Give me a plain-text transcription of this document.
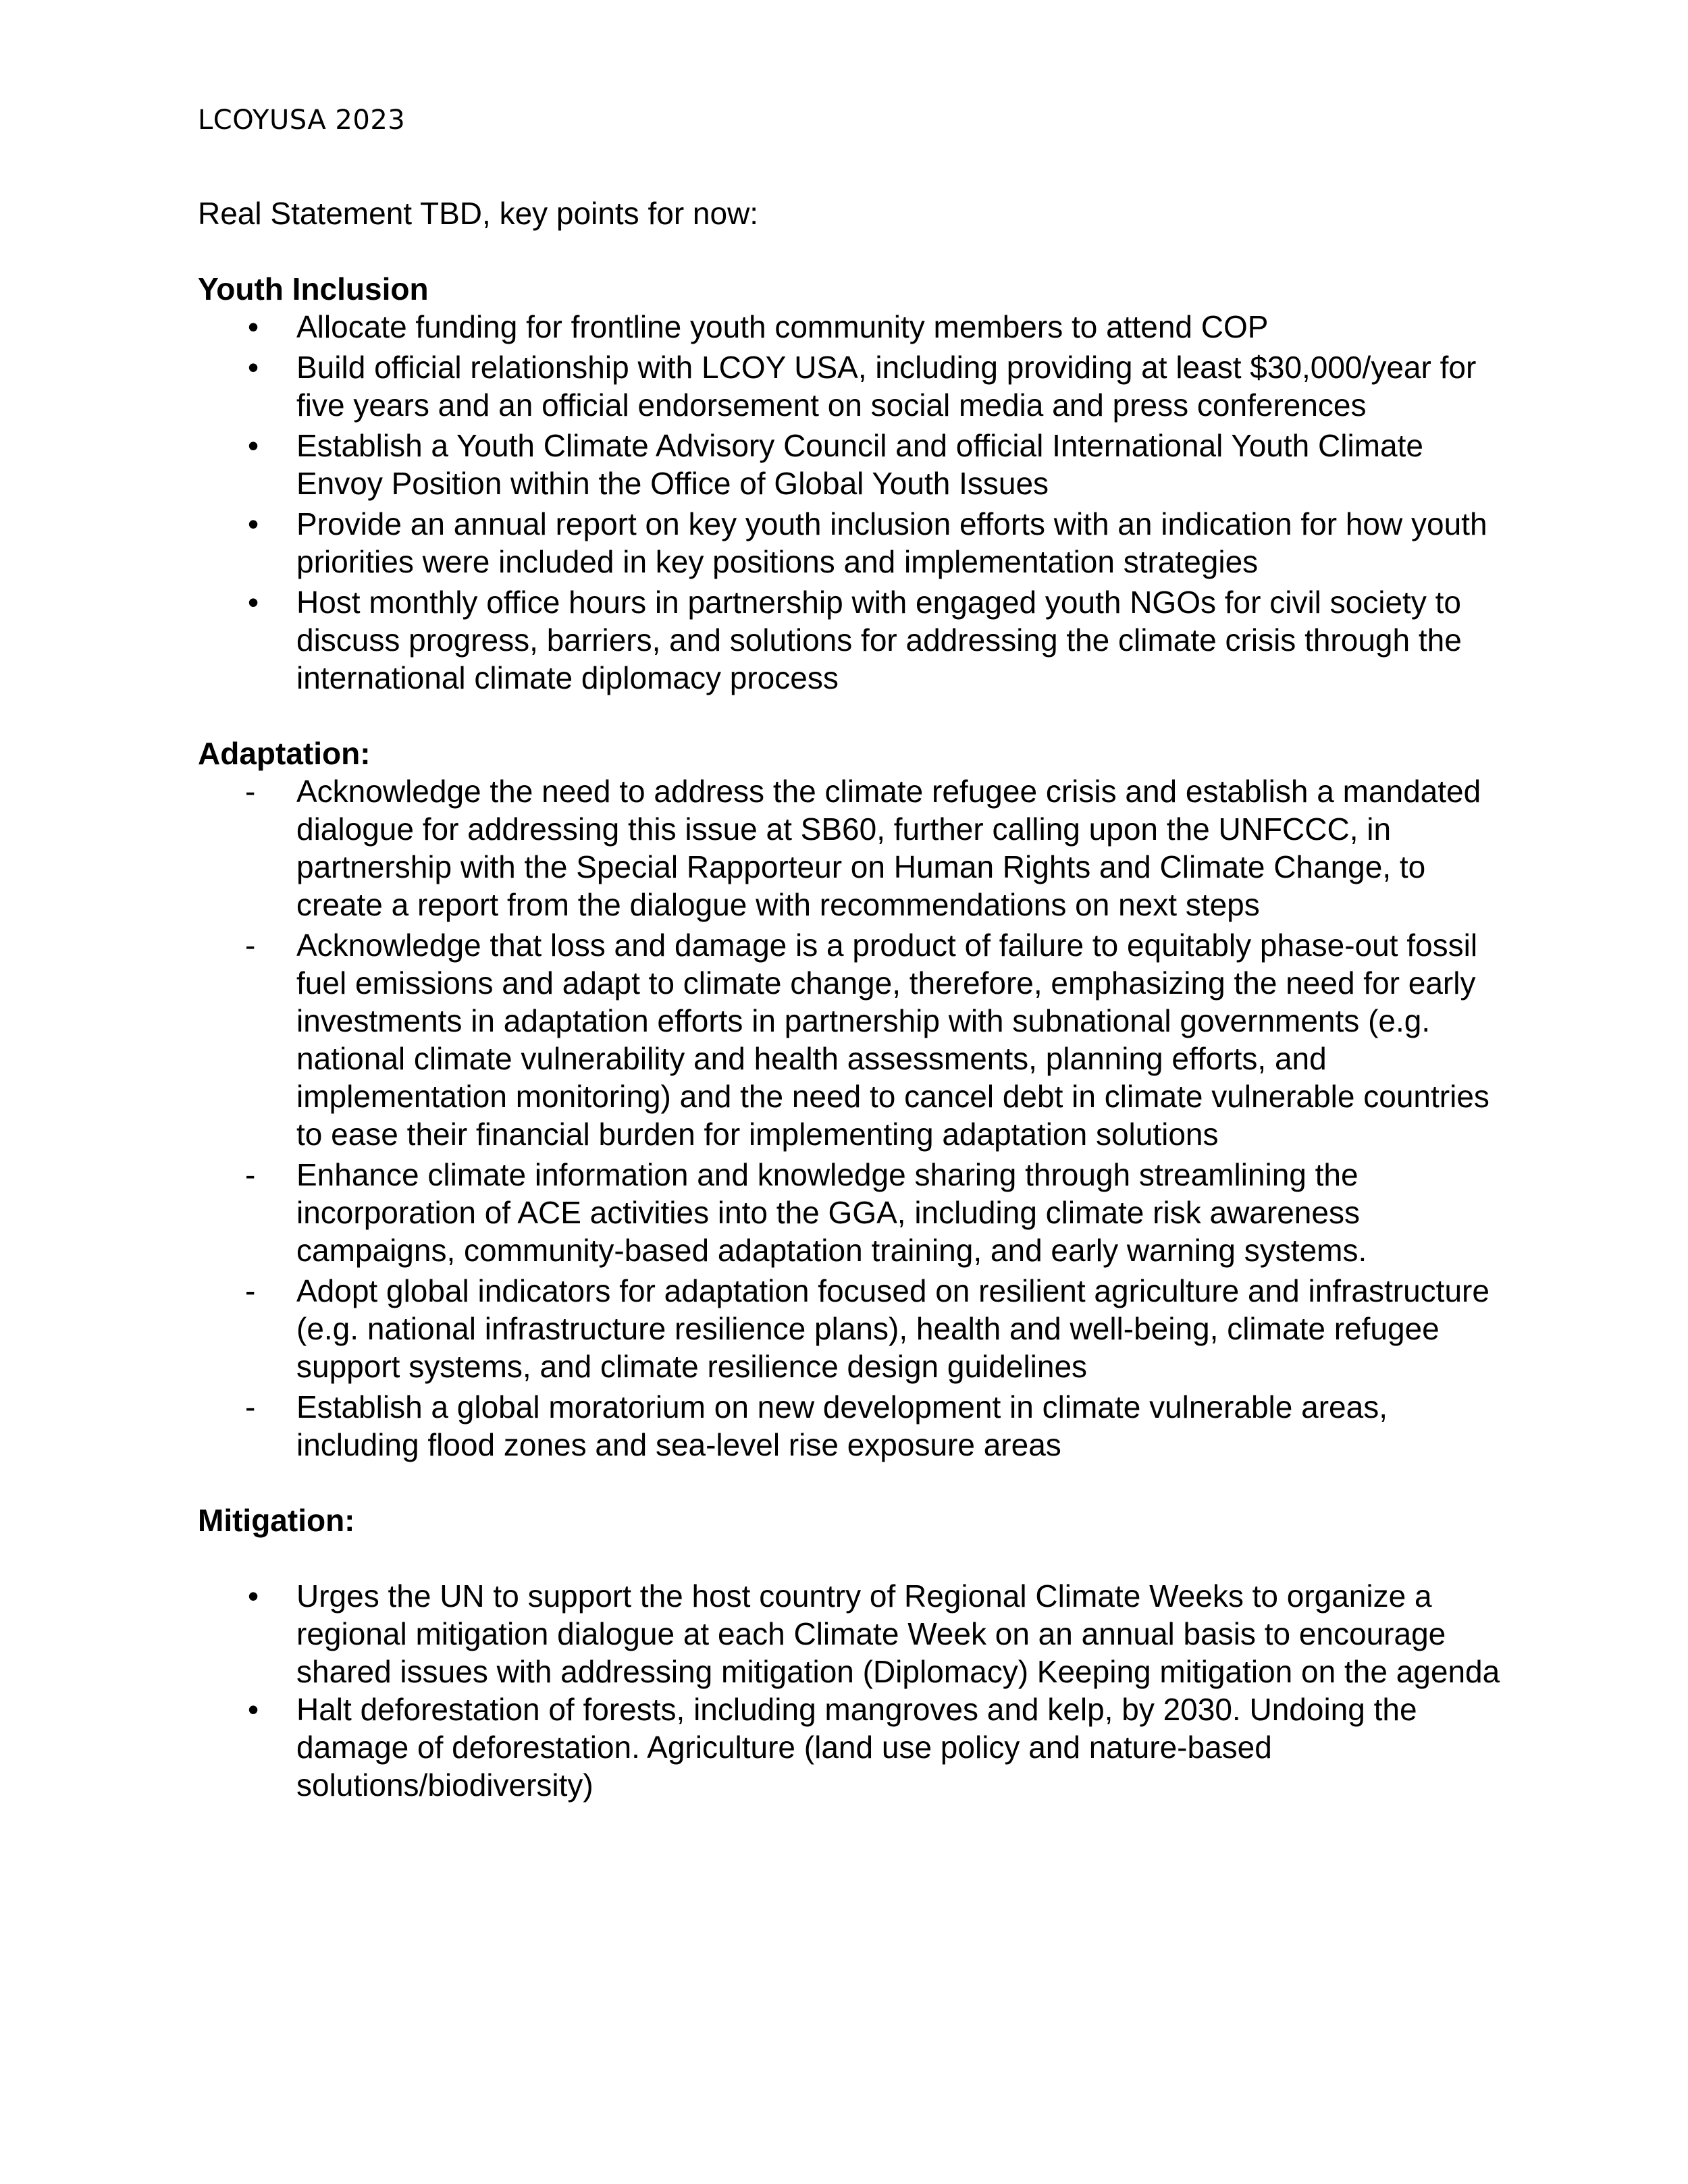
LCOYUSA 2023

Real Statement TBD, key points for now:

Youth Inclusion
•	Allocate funding for frontline youth community members to attend COP
•	Build official relationship with LCOY USA, including providing at least $30,000/year for five years and an official endorsement on social media and press conferences
•	Establish a Youth Climate Advisory Council and official International Youth Climate Envoy Position within the Office of Global Youth Issues
•	Provide an annual report on key youth inclusion efforts with an indication for how youth priorities were included in key positions and implementation strategies
•	Host monthly office hours in partnership with engaged youth NGOs for civil society to discuss progress, barriers, and solutions for addressing the climate crisis through the international climate diplomacy process
Adaptation:
-	Acknowledge the need to address the climate refugee crisis and establish a mandated dialogue for addressing this issue at SB60, further calling upon the UNFCCC, in partnership with the Special Rapporteur on Human Rights and Climate Change, to create a report from the dialogue with recommendations on next steps
-	Acknowledge that loss and damage is a product of failure to equitably phase-out fossil fuel emissions and adapt to climate change, therefore, emphasizing the need for early investments in adaptation efforts in partnership with subnational governments (e.g. national climate vulnerability and health assessments, planning efforts, and implementation monitoring) and the need to cancel debt in climate vulnerable countries to ease their financial burden for implementing adaptation solutions
-	Enhance climate information and knowledge sharing through streamlining the incorporation of ACE activities into the GGA, including climate risk awareness campaigns, community-based adaptation training, and early warning systems.
-	Adopt global indicators for adaptation focused on resilient agriculture and infrastructure (e.g. national infrastructure resilience plans), health and well-being, climate refugee support systems, and climate resilience design guidelines
-	Establish a global moratorium on new development in climate vulnerable areas, including flood zones and sea-level rise exposure areas
Mitigation:
•	Urges the UN to support the host country of Regional Climate Weeks to organize a regional mitigation dialogue at each Climate Week on an annual basis to encourage shared issues with addressing mitigation (Diplomacy) Keeping mitigation on the agenda
•	Halt deforestation of forests, including mangroves and kelp, by 2030. Undoing the damage of deforestation. Agriculture (land use policy and nature-based solutions/biodiversity)
